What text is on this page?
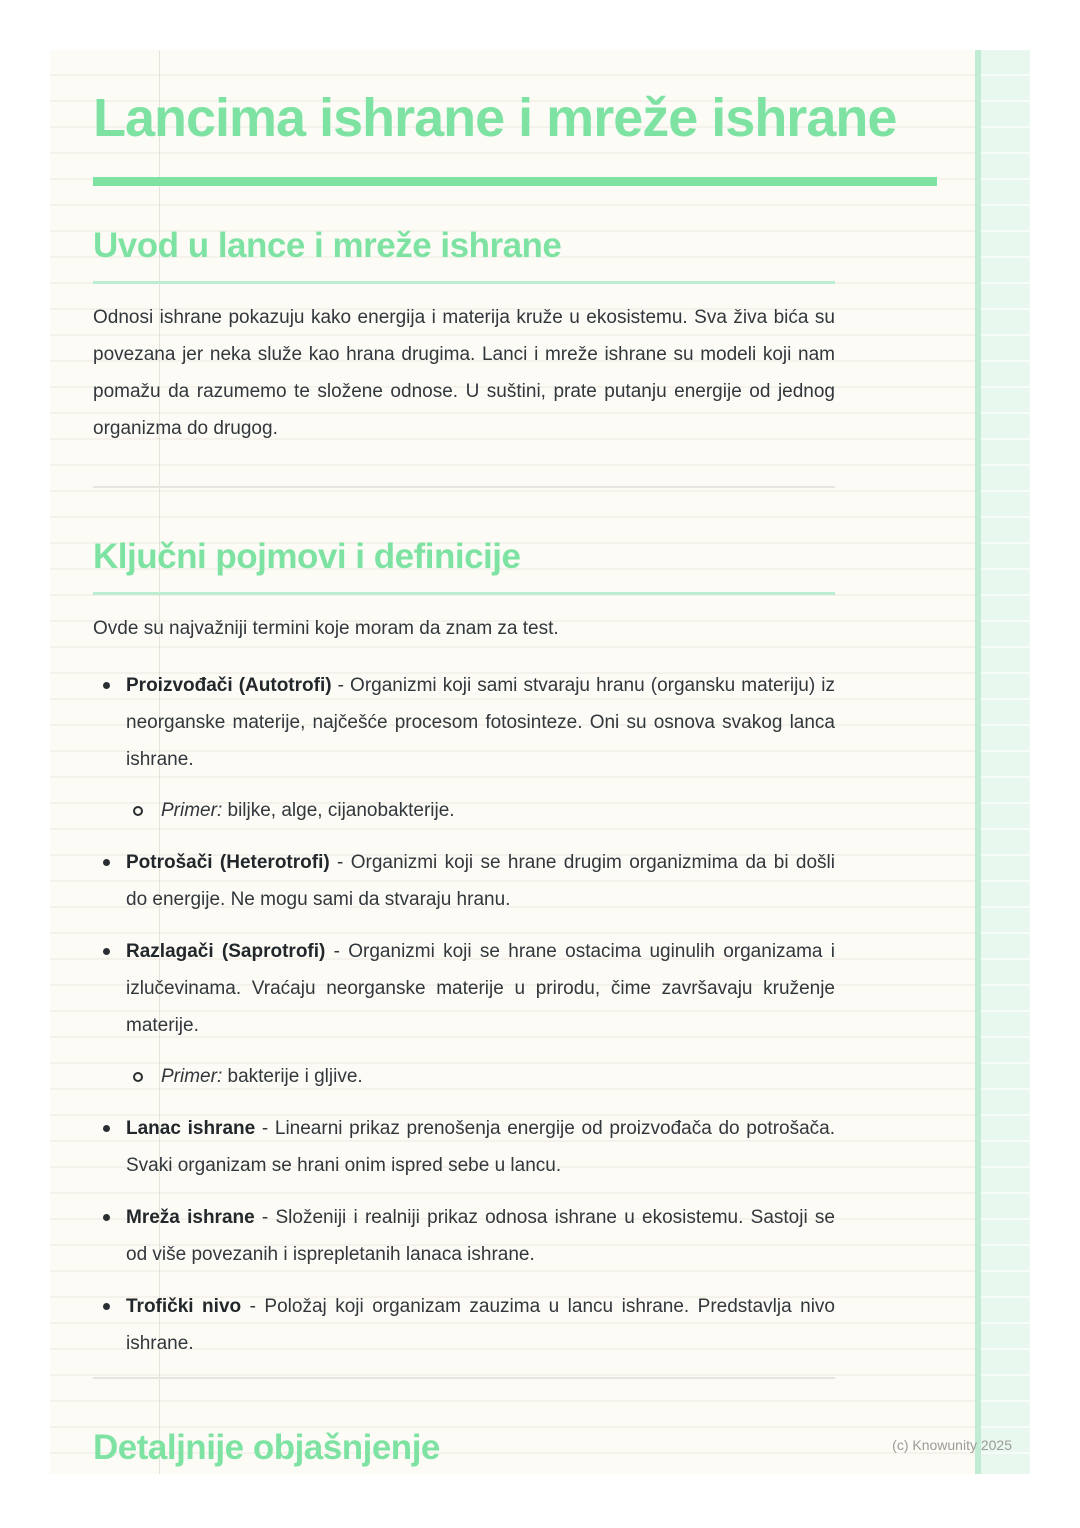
Lancima ishrane i mreže ishrane
Uvod u lance i mreže ishrane

Odnosi ishrane pokazuju kako energija i materija kruže u ekosistemu. Sva živa bića su povezana jer neka služe kao hrana drugima. Lanci i mreže ishrane su modeli koji nam pomažu da razumemo te složene odnose. U suštini, prate putanju energije od jednog organizma do drugog.

Ključni pojmovi i definicije

Ovde su najvažniji termini koje moram da znam za test.

Proizvođači (Autotrofi) - Organizmi koji sami stvaraju hranu (organsku materiju) iz neorganske materije, najčešće procesom fotosinteze. Oni su osnova svakog lanca ishrane.
Primer: biljke, alge, cijanobakterije.
Potrošači (Heterotrofi) - Organizmi koji se hrane drugim organizmima da bi došli do energije. Ne mogu sami da stvaraju hranu.
Razlagači (Saprotrofi) - Organizmi koji se hrane ostacima uginulih organizama i izlučevinama. Vraćaju neorganske materije u prirodu, čime završavaju kruženje materije.
Primer: bakterije i gljive.
Lanac ishrane - Linearni prikaz prenošenja energije od proizvođača do potrošača. Svaki organizam se hrani onim ispred sebe u lancu.
Mreža ishrane - Složeniji i realniji prikaz odnosa ishrane u ekosistemu. Sastoji se od više povezanih i isprepletanih lanaca ishrane.
Trofički nivo - Položaj koji organizam zauzima u lancu ishrane. Predstavlja nivo ishrane.
Detaljnije objašnjenje	(c) Knowunity 2025
